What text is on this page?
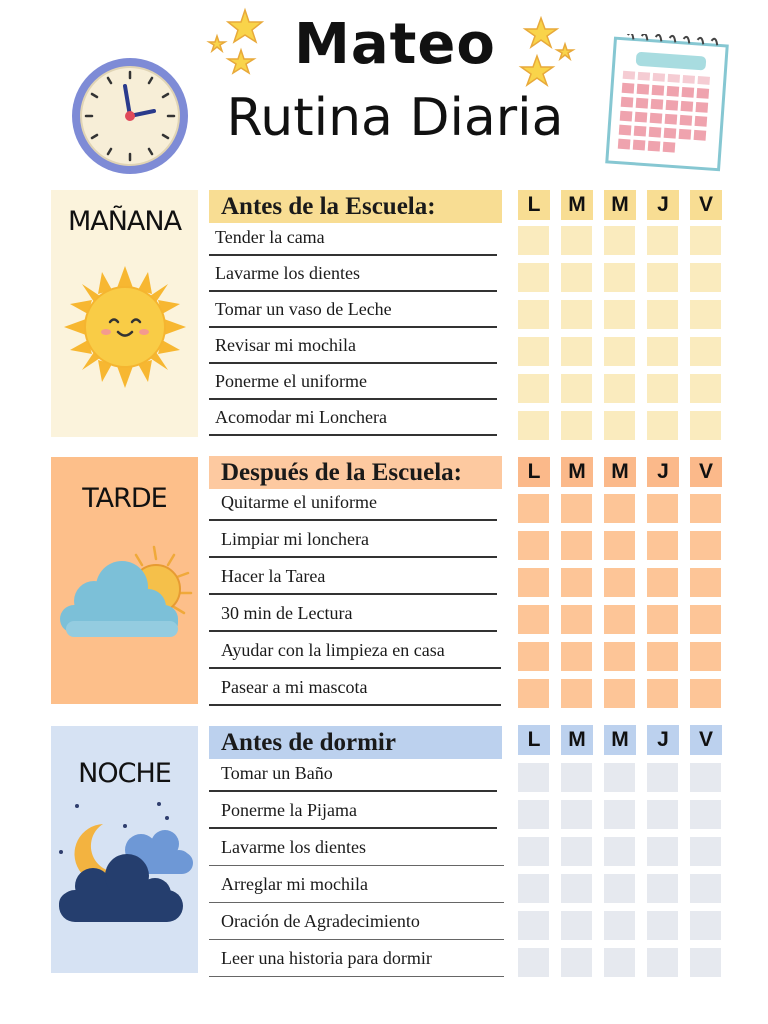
Mateo
Rutina Diaria
MAÑANA	Antes de la Escuela:	L	M	M	J	V
Tender la cama
Lavarme los dientes
Tomar un vaso de Leche
Revisar mi mochila
Ponerme el uniforme
Acomodar mi Lonchera
TARDE
Después de la Escuela:	L	M	M	J	V
Quitarme el uniforme
Limpiar mi lonchera
Hacer la Tarea
30 min de Lectura
Ayudar con la limpieza en casa
Pasear a mi mascota
NOCHE
Antes de dormir	L	M	M	J	V
Tomar un Baño
Ponerme la Pijama
Lavarme los dientes
Arreglar mi mochila
Oración de Agradecimiento
Leer una historia para dormir
